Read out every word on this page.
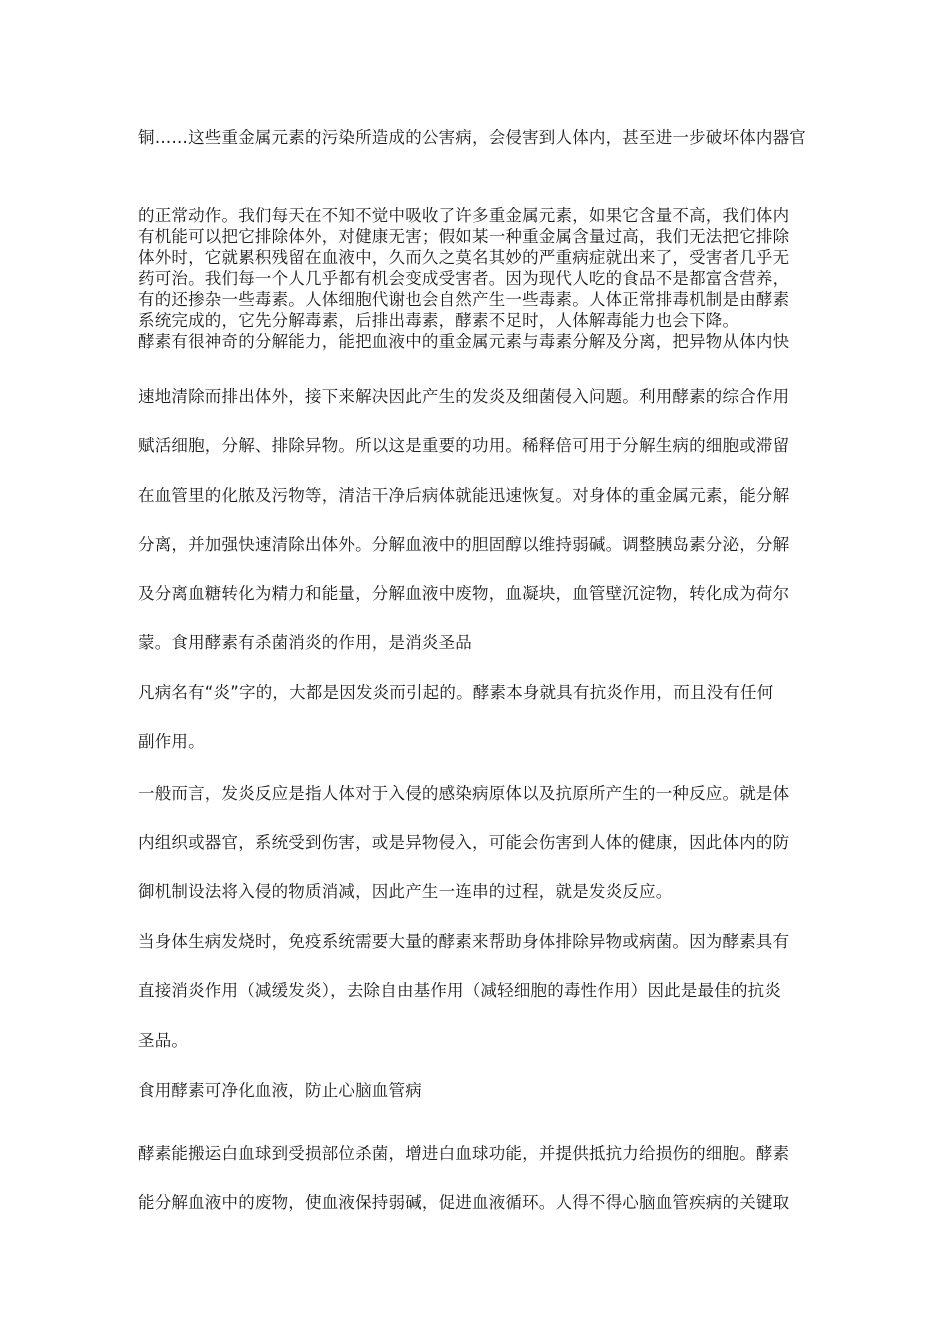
铜……这些重金属元素的污染所造成的公害病，会侵害到人体内，甚至进一步破坏体内器官
的正常动作。我们每天在不知不觉中吸收了许多重金属元素，如果它含量不高，我们体内
有机能可以把它排除体外，对健康无害；假如某一种重金属含量过高，我们无法把它排除
体外时，它就累积残留在血液中，久而久之莫名其妙的严重病症就出来了，受害者几乎无
药可治。我们每一个人几乎都有机会变成受害者。因为现代人吃的食品不是都富含营养，
有的还掺杂一些毒素。人体细胞代谢也会自然产生一些毒素。人体正常排毒机制是由酵素
系统完成的，它先分解毒素，后排出毒素，酵素不足时，人体解毒能力也会下降。
酵素有很神奇的分解能力，能把血液中的重金属元素与毒素分解及分离，把异物从体内快
速地清除而排出体外，接下来解决因此产生的发炎及细菌侵入问题。利用酵素的综合作用
赋活细胞，分解、排除异物。所以这是重要的功用。稀释倍可用于分解生病的细胞或滞留
在血管里的化脓及污物等，清洁干净后病体就能迅速恢复。对身体的重金属元素，能分解
分离，并加强快速清除出体外。分解血液中的胆固醇以维持弱碱。调整胰岛素分泌，分解
及分离血糖转化为精力和能量，分解血液中废物，血凝块，血管壁沉淀物，转化成为荷尔
蒙。食用酵素有杀菌消炎的作用，是消炎圣品
凡病名有“炎”字的，大都是因发炎而引起的。酵素本身就具有抗炎作用，而且没有任何
副作用。
一般而言，发炎反应是指人体对于入侵的感染病原体以及抗原所产生的一种反应。就是体
内组织或器官，系统受到伤害，或是异物侵入，可能会伤害到人体的健康，因此体内的防
御机制设法将入侵的物质消减，因此产生一连串的过程，就是发炎反应。
当身体生病发烧时，免疫系统需要大量的酵素来帮助身体排除异物或病菌。因为酵素具有
直接消炎作用（减缓发炎），去除自由基作用（减轻细胞的毒性作用）因此是最佳的抗炎
圣品。
食用酵素可净化血液，防止心脑血管病
酵素能搬运白血球到受损部位杀菌，增进白血球功能，并提供抵抗力给损伤的细胞。酵素
能分解血液中的废物，使血液保持弱碱，促进血液循环。人得不得心脑血管疾病的关键取
